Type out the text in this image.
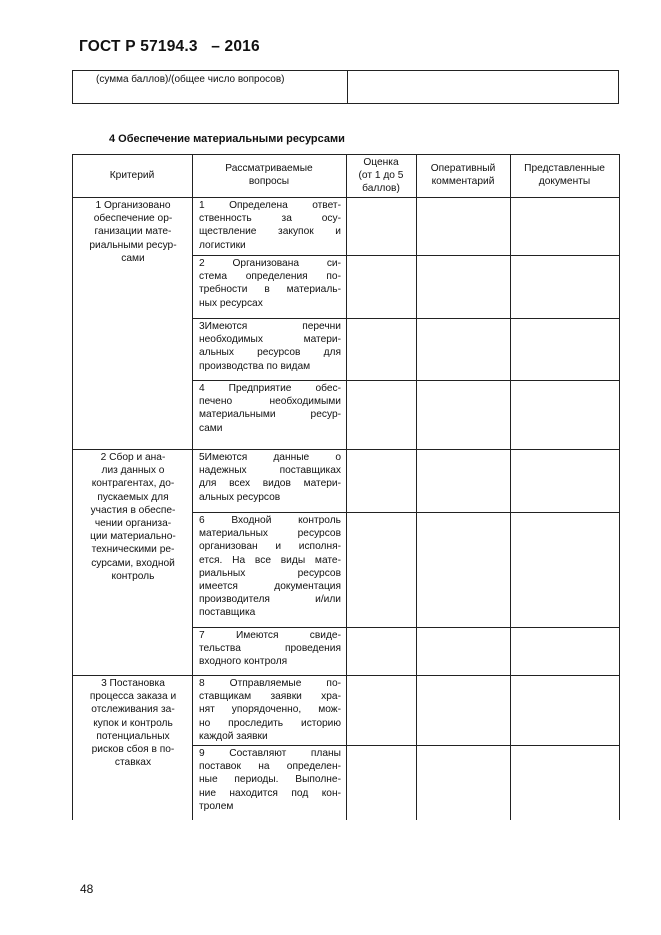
ГОСТ Р 57194.3   – 2016
(сумма баллов)/(общее число вопросов)
4 Обеспечение материальными ресурсами
Критерий
Рассматриваемые
вопросы
Оценка
(от 1 до 5
баллов)
Оперативный
комментарий
Представленные
документы
1 Организовано
обеспечение ор-
ганизации мате-
риальными ресур-
сами
2 Сбор и ана-
лиз данных о
контрагентах, до-
пускаемых для
участия в обеспе-
чении организа-
ции материально-
техническими ре-
сурсами, входной
контроль
3 Постановка
процесса заказа и
отслеживания за-
купок и контроль
потенциальных
рисков сбоя в по-
ставках
1 Определена ответ-
ственность за осу-
ществление закупок и
логистики
2 Организована си-
стема определения по-
требности в материаль-
ных ресурсах
3Имеются перечни
необходимых матери-
альных ресурсов для
производства по видам
4 Предприятие обес-
печено необходимыми
материальными ресур-
сами
5Имеются данные о
надежных поставщиках
для всех видов матери-
альных ресурсов
6 Входной контроль
материальных ресурсов
организован и исполня-
ется. На все виды мате-
риальных ресурсов
имеется документация
производителя и/или
поставщика
7 Имеются свиде-
тельства проведения
входного контроля
8 Отправляемые по-
ставщикам заявки хра-
нят упорядоченно, мож-
но проследить историю
каждой заявки
9 Составляют планы
поставок на определен-
ные периоды. Выполне-
ние находится под кон-
тролем
48
